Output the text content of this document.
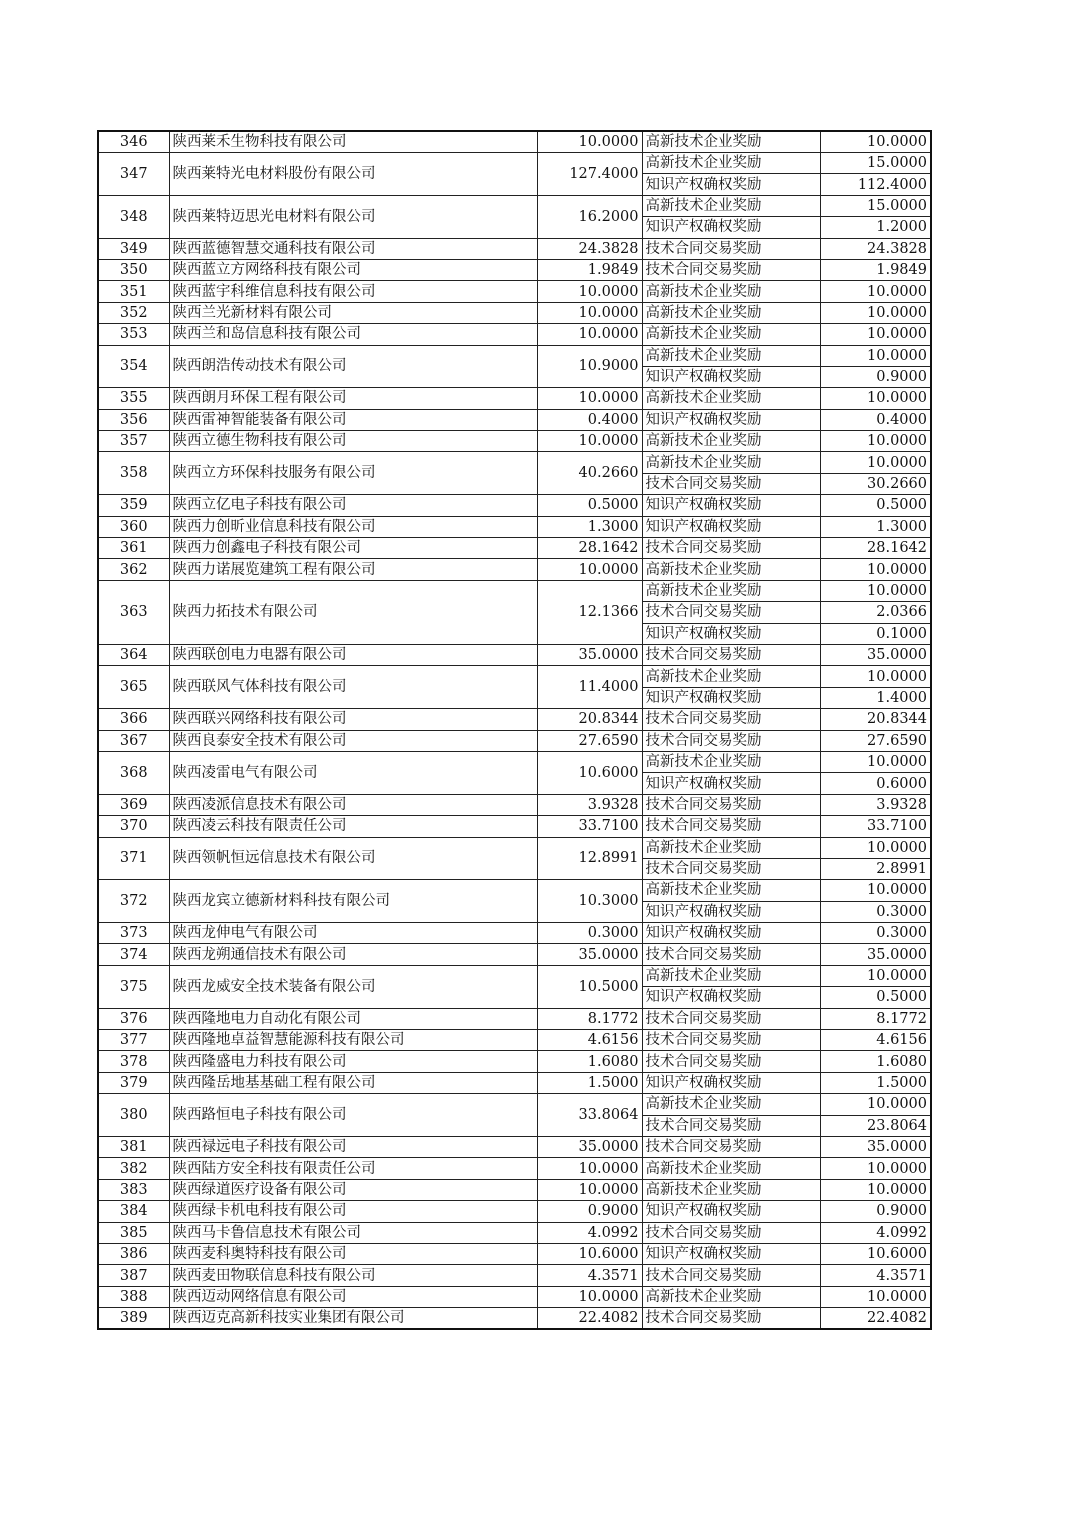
346	陕西莱禾生物科技有限公司	10.0000	高新技术企业奖励	10.0000
347	陕西莱特光电材料股份有限公司	127.4000	高新技术企业奖励	15.0000
			知识产权确权奖励	112.4000
348	陕西莱特迈思光电材料有限公司	16.2000	高新技术企业奖励	15.0000
			知识产权确权奖励	1.2000
349	陕西蓝德智慧交通科技有限公司	24.3828	技术合同交易奖励	24.3828
350	陕西蓝立方网络科技有限公司	1.9849	技术合同交易奖励	1.9849
351	陕西蓝宇科维信息科技有限公司	10.0000	高新技术企业奖励	10.0000
352	陕西兰光新材料有限公司	10.0000	高新技术企业奖励	10.0000
353	陕西兰和岛信息科技有限公司	10.0000	高新技术企业奖励	10.0000
354	陕西朗浩传动技术有限公司	10.9000	高新技术企业奖励	10.0000
			知识产权确权奖励	0.9000
355	陕西朗月环保工程有限公司	10.0000	高新技术企业奖励	10.0000
356	陕西雷神智能装备有限公司	0.4000	知识产权确权奖励	0.4000
357	陕西立德生物科技有限公司	10.0000	高新技术企业奖励	10.0000
358	陕西立方环保科技服务有限公司	40.2660	高新技术企业奖励	10.0000
			技术合同交易奖励	30.2660
359	陕西立亿电子科技有限公司	0.5000	知识产权确权奖励	0.5000
360	陕西力创昕业信息科技有限公司	1.3000	知识产权确权奖励	1.3000
361	陕西力创鑫电子科技有限公司	28.1642	技术合同交易奖励	28.1642
362	陕西力诺展览建筑工程有限公司	10.0000	高新技术企业奖励	10.0000
363	陕西力拓技术有限公司	12.1366	高新技术企业奖励	10.0000
			技术合同交易奖励	2.0366
			知识产权确权奖励	0.1000
364	陕西联创电力电器有限公司	35.0000	技术合同交易奖励	35.0000
365	陕西联风气体科技有限公司	11.4000	高新技术企业奖励	10.0000
			知识产权确权奖励	1.4000
366	陕西联兴网络科技有限公司	20.8344	技术合同交易奖励	20.8344
367	陕西良泰安全技术有限公司	27.6590	技术合同交易奖励	27.6590
368	陕西凌雷电气有限公司	10.6000	高新技术企业奖励	10.0000
			知识产权确权奖励	0.6000
369	陕西凌派信息技术有限公司	3.9328	技术合同交易奖励	3.9328
370	陕西凌云科技有限责任公司	33.7100	技术合同交易奖励	33.7100
371	陕西领帆恒远信息技术有限公司	12.8991	高新技术企业奖励	10.0000
			技术合同交易奖励	2.8991
372	陕西龙宾立德新材料科技有限公司	10.3000	高新技术企业奖励	10.0000
			知识产权确权奖励	0.3000
373	陕西龙伸电气有限公司	0.3000	知识产权确权奖励	0.3000
374	陕西龙朔通信技术有限公司	35.0000	技术合同交易奖励	35.0000
375	陕西龙威安全技术装备有限公司	10.5000	高新技术企业奖励	10.0000
			知识产权确权奖励	0.5000
376	陕西隆地电力自动化有限公司	8.1772	技术合同交易奖励	8.1772
377	陕西隆地卓益智慧能源科技有限公司	4.6156	技术合同交易奖励	4.6156
378	陕西隆盛电力科技有限公司	1.6080	技术合同交易奖励	1.6080
379	陕西隆岳地基基础工程有限公司	1.5000	知识产权确权奖励	1.5000
380	陕西路恒电子科技有限公司	33.8064	高新技术企业奖励	10.0000
			技术合同交易奖励	23.8064
381	陕西禄远电子科技有限公司	35.0000	技术合同交易奖励	35.0000
382	陕西陆方安全科技有限责任公司	10.0000	高新技术企业奖励	10.0000
383	陕西绿道医疗设备有限公司	10.0000	高新技术企业奖励	10.0000
384	陕西绿卡机电科技有限公司	0.9000	知识产权确权奖励	0.9000
385	陕西马卡鲁信息技术有限公司	4.0992	技术合同交易奖励	4.0992
386	陕西麦科奥特科技有限公司	10.6000	知识产权确权奖励	10.6000
387	陕西麦田物联信息科技有限公司	4.3571	技术合同交易奖励	4.3571
388	陕西迈动网络信息有限公司	10.0000	高新技术企业奖励	10.0000
389	陕西迈克高新科技实业集团有限公司	22.4082	技术合同交易奖励	22.4082
